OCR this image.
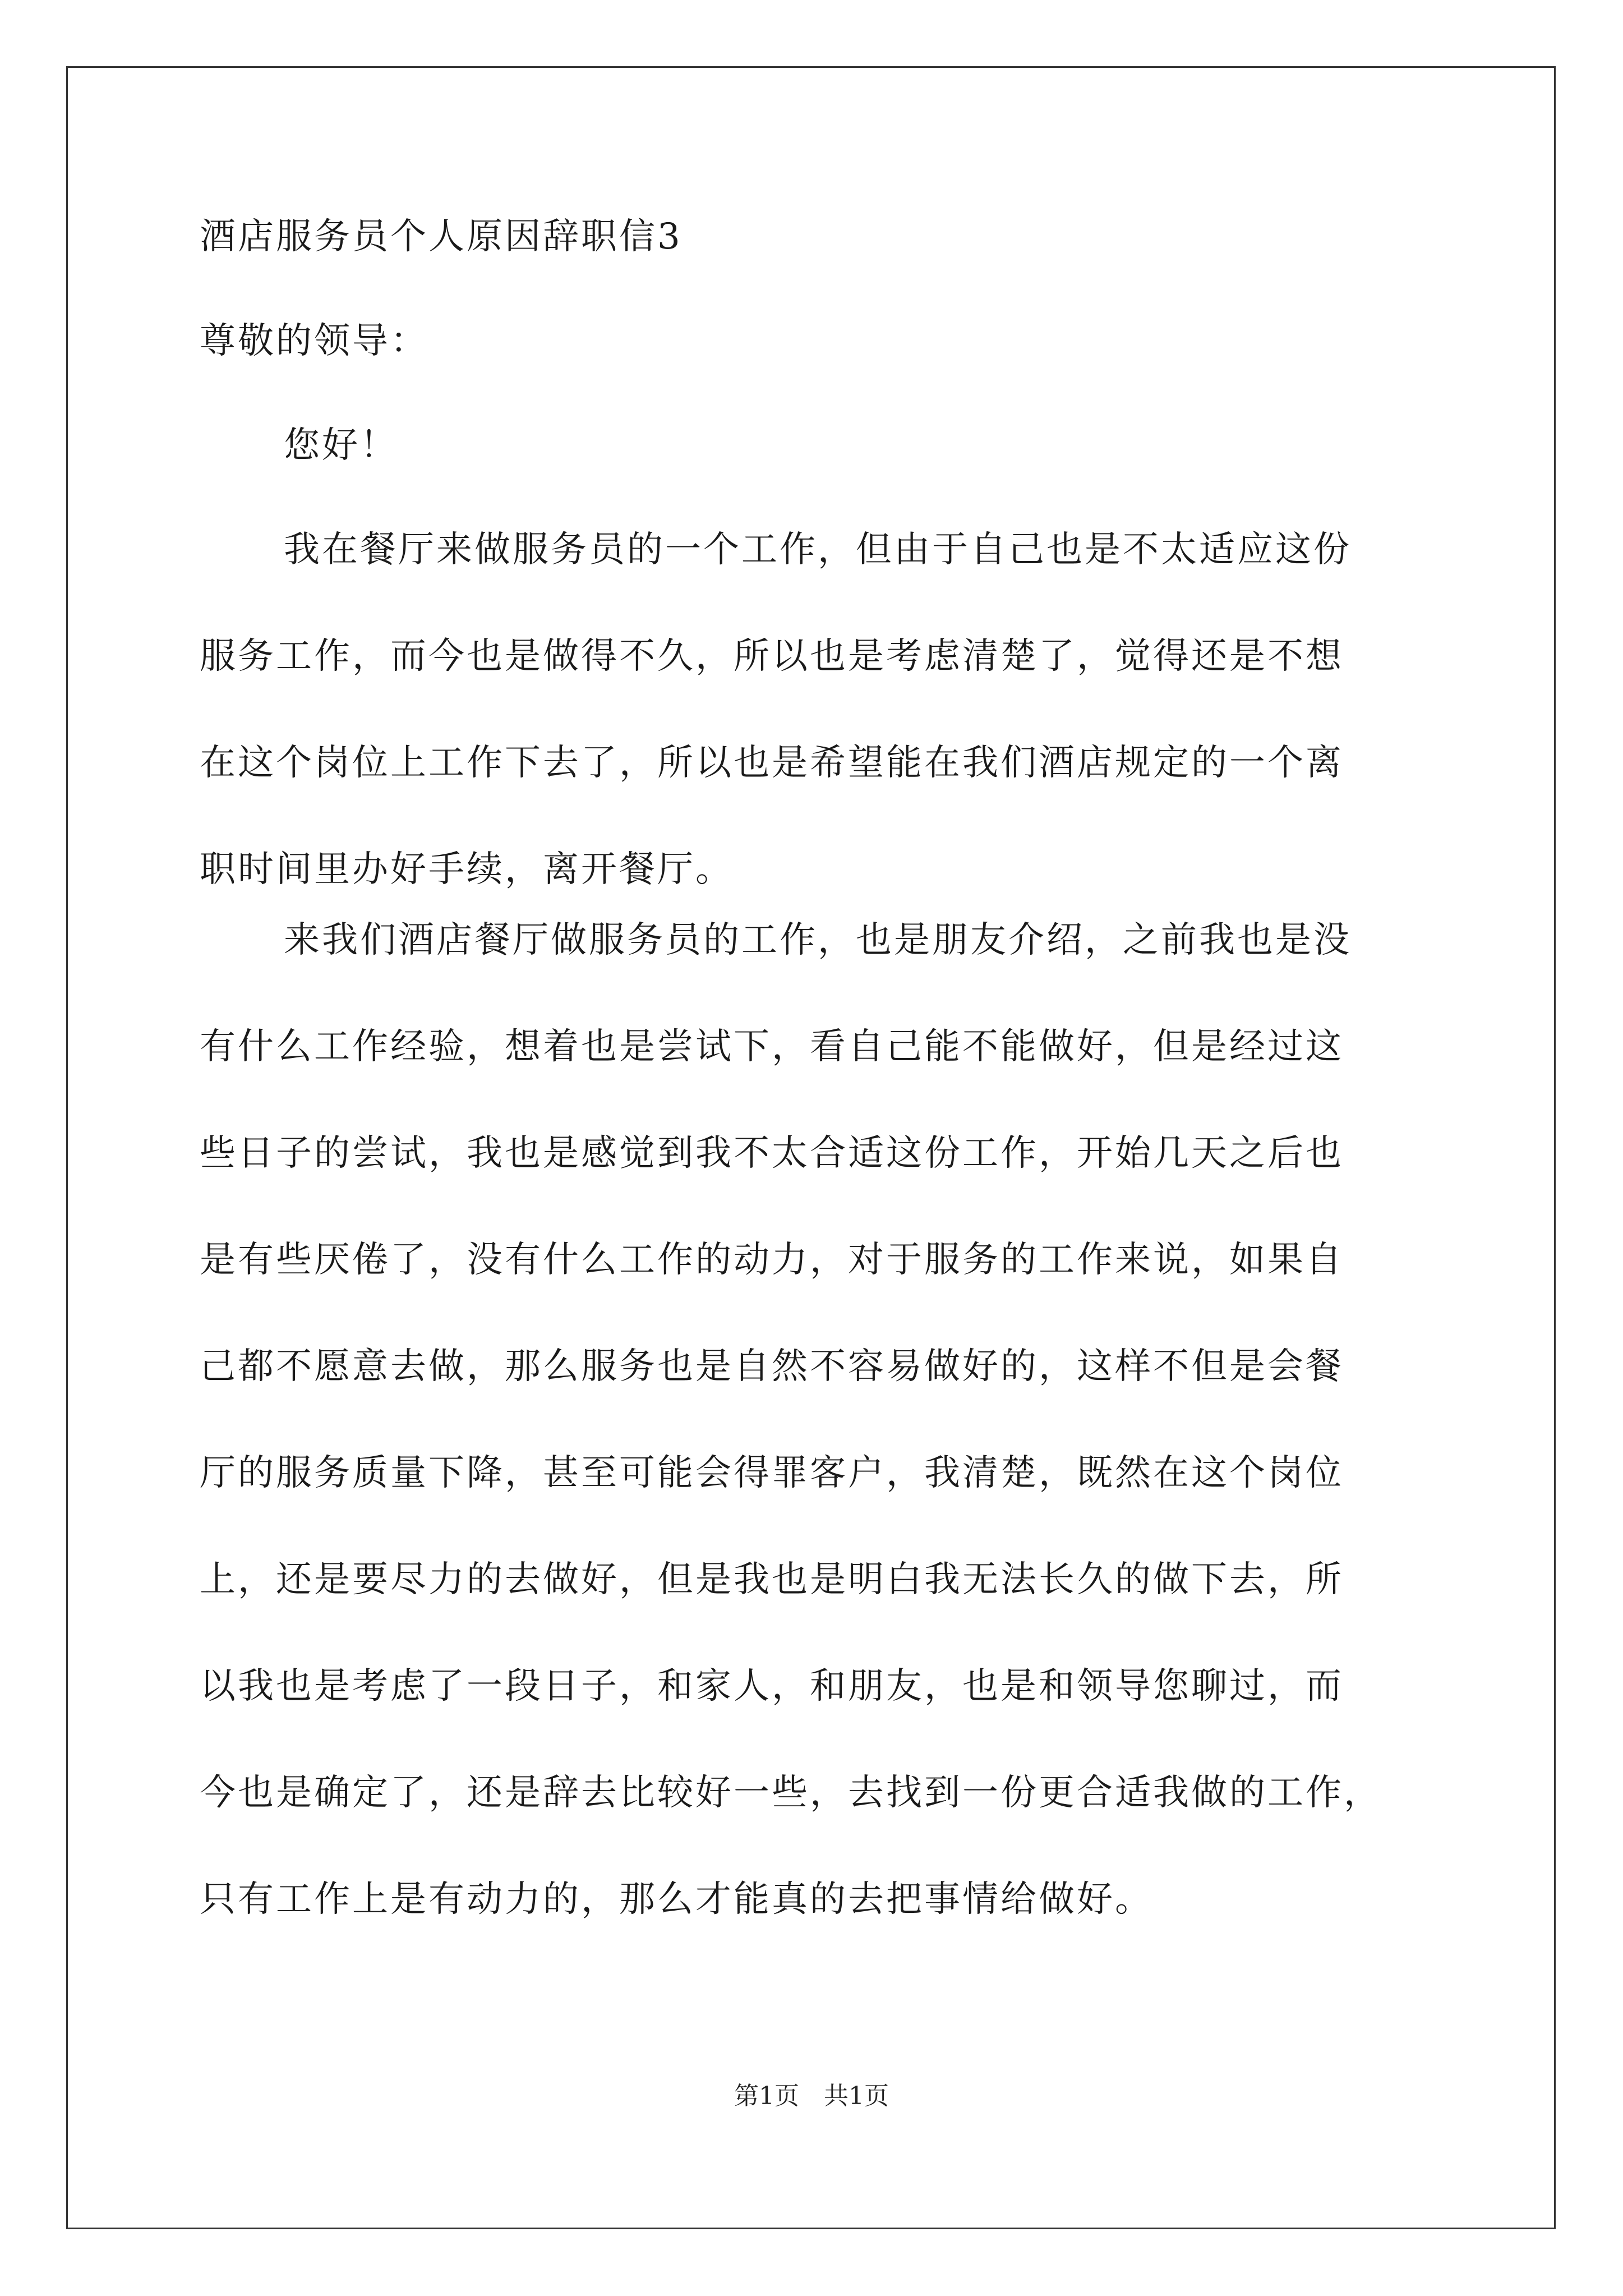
酒店服务员个人原因辞职信3
尊敬的领导：
您好！
我在餐厅来做服务员的一个工作，但由于自己也是不太适应这份
服务工作，而今也是做得不久，所以也是考虑清楚了，觉得还是不想
在这个岗位上工作下去了，所以也是希望能在我们酒店规定的一个离
职时间里办好手续，离开餐厅。
来我们酒店餐厅做服务员的工作，也是朋友介绍，之前我也是没
有什么工作经验，想着也是尝试下，看自己能不能做好，但是经过这
些日子的尝试，我也是感觉到我不太合适这份工作，开始几天之后也
是有些厌倦了，没有什么工作的动力，对于服务的工作来说，如果自
己都不愿意去做，那么服务也是自然不容易做好的，这样不但是会餐
厅的服务质量下降，甚至可能会得罪客户，我清楚，既然在这个岗位
上，还是要尽力的去做好，但是我也是明白我无法长久的做下去，所
以我也是考虑了一段日子，和家人，和朋友，也是和领导您聊过，而
今也是确定了，还是辞去比较好一些，去找到一份更合适我做的工作，
只有工作上是有动力的，那么才能真的去把事情给做好。
第1页　共1页
